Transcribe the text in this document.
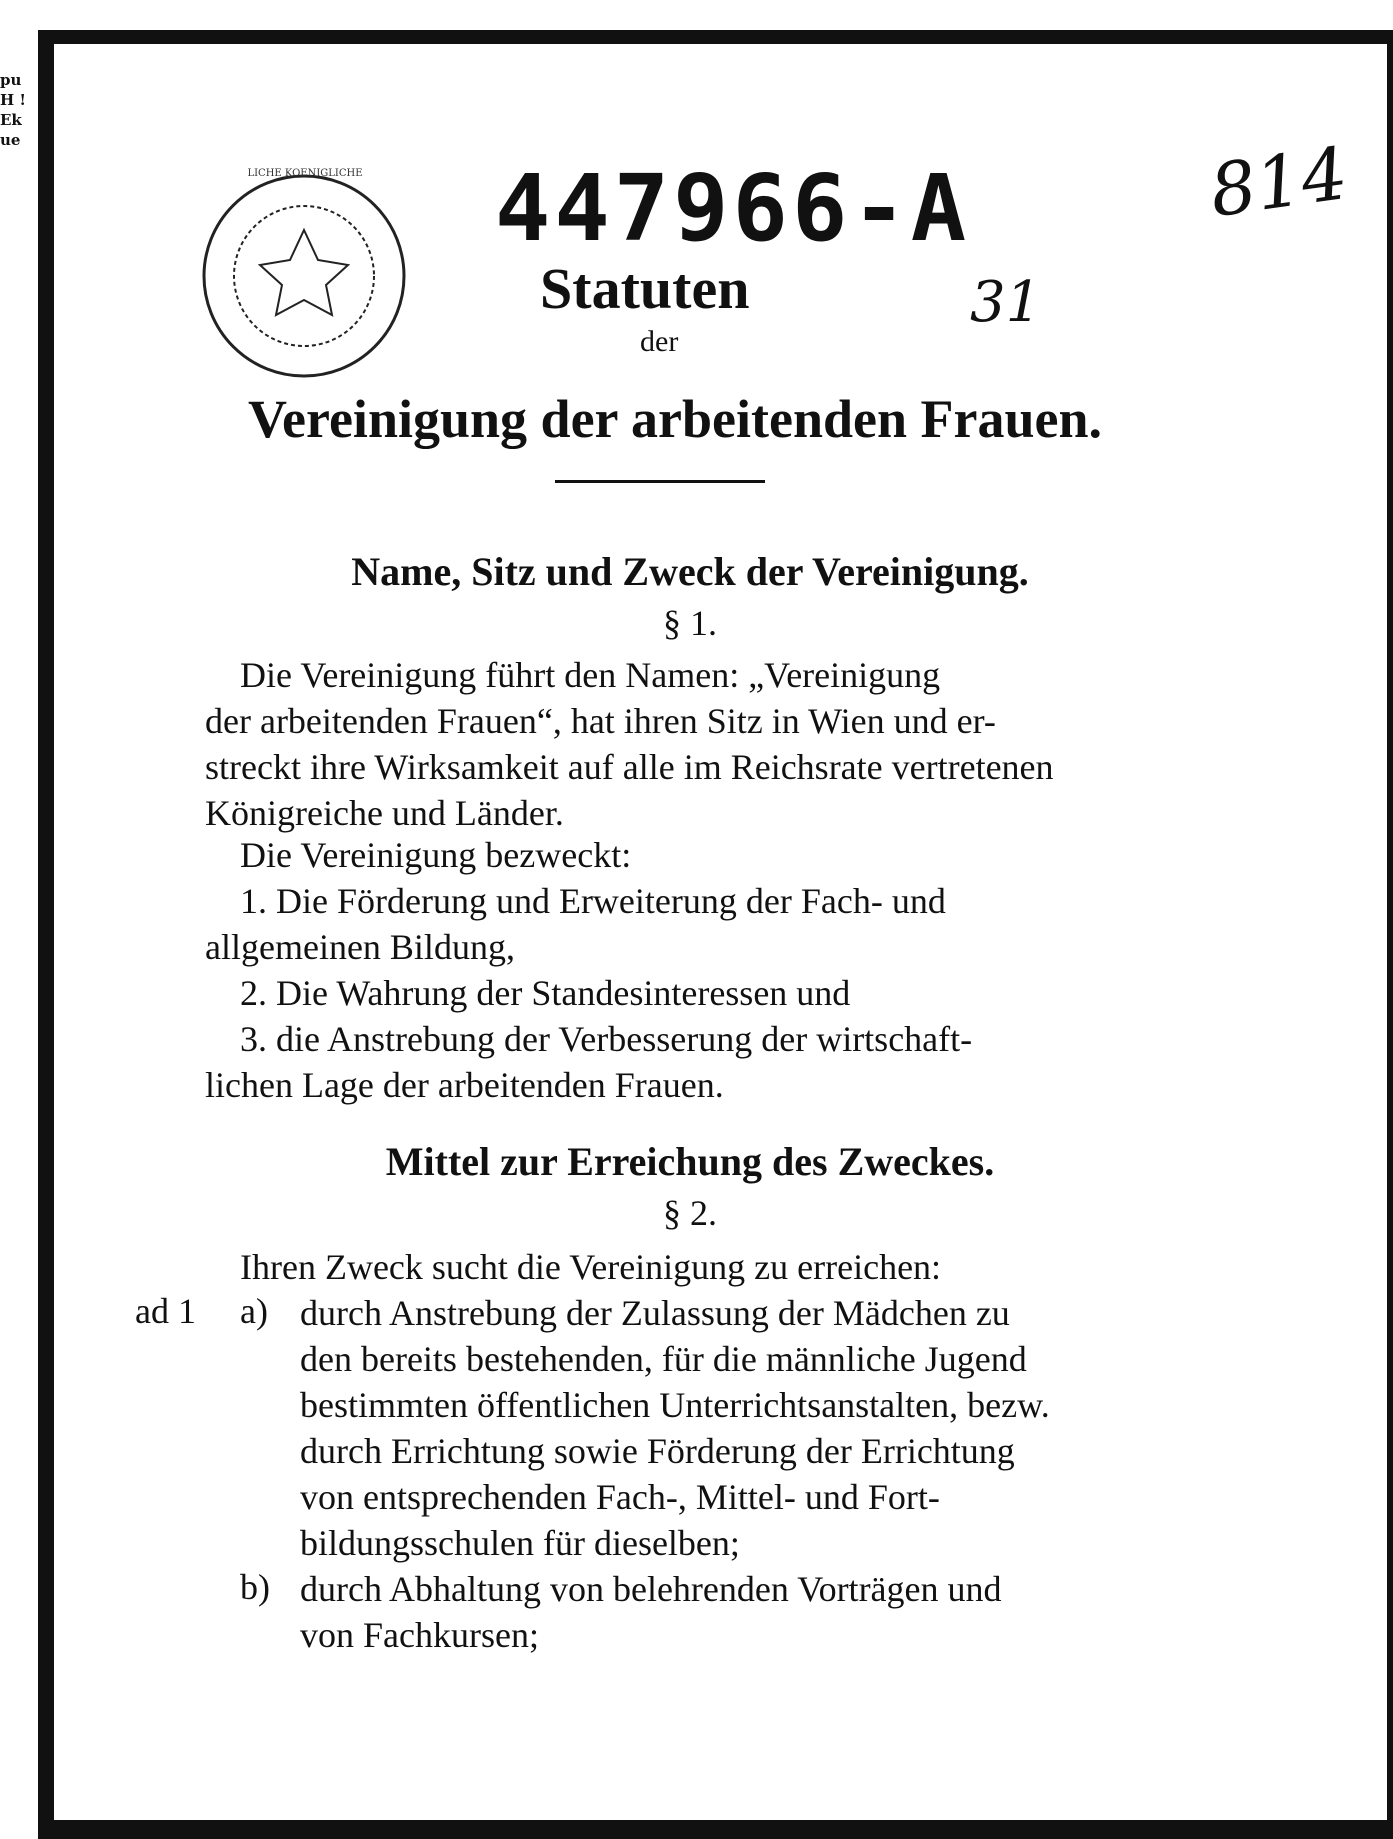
pu H ! Ek ue
LICHE KOENIGLICHE	447966-A	814
31
Statuten
der
Vereinigung der arbeitenden Frauen.
Name, Sitz und Zweck der Vereinigung.
§ 1.
Die Vereinigung führt den Namen: „Vereinigung
der arbeitenden Frauen“, hat ihren Sitz in Wien und er-
streckt ihre Wirksamkeit auf alle im Reichsrate vertretenen
Königreiche und Länder.
Die Vereinigung bezweckt:
1. Die Förderung und Erweiterung der Fach- und
allgemeinen Bildung,
2. Die Wahrung der Standesinteressen und
3. die Anstrebung der Verbesserung der wirtschaft-
lichen Lage der arbeitenden Frauen.
Mittel zur Erreichung des Zweckes.
§ 2.
Ihren Zweck sucht die Vereinigung zu erreichen:
ad 1 a) durch Anstrebung der Zulassung der Mädchen zu
den bereits bestehenden, für die männliche Jugend
bestimmten öffentlichen Unterrichtsanstalten, bezw.
durch Errichtung sowie Förderung der Errichtung
von entsprechenden Fach-, Mittel- und Fort-
bildungsschulen für dieselben;
b) durch Abhaltung von belehrenden Vorträgen und
von Fachkursen;
